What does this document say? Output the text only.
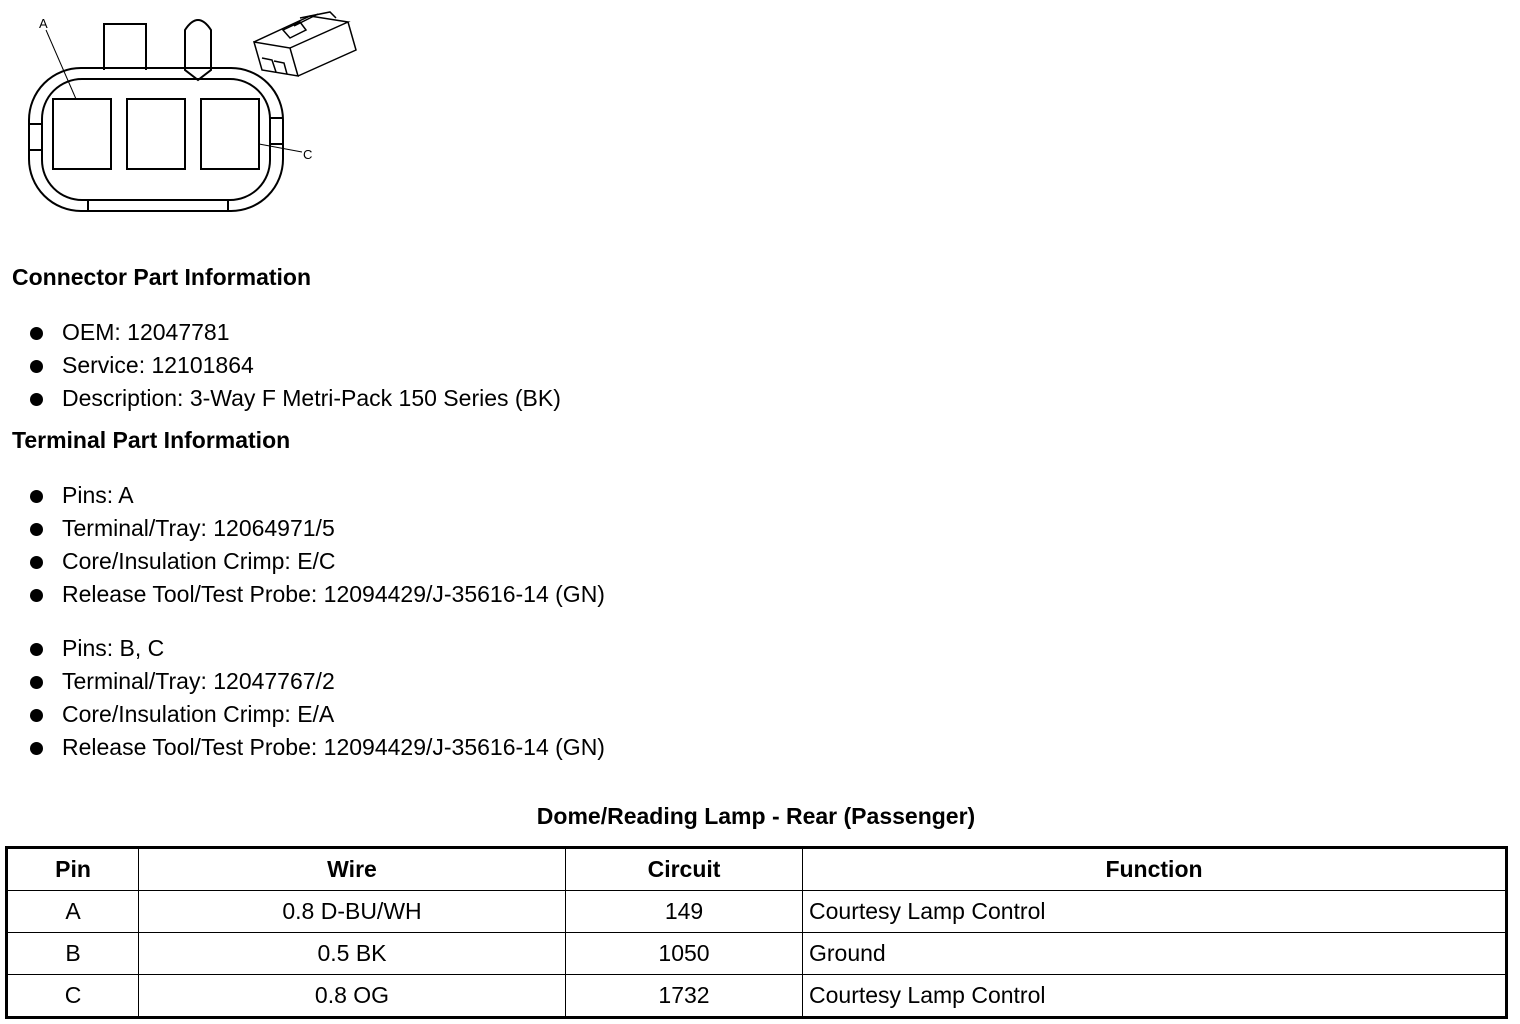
A
C
Connector Part Information
OEM: 12047781
Service: 12101864
Description: 3-Way F Metri-Pack 150 Series (BK)
Terminal Part Information
Pins: A
Terminal/Tray: 12064971/5
Core/Insulation Crimp: E/C
Release Tool/Test Probe: 12094429/J-35616-14 (GN)
Pins: B, C
Terminal/Tray: 12047767/2
Core/Insulation Crimp: E/A
Release Tool/Test Probe: 12094429/J-35616-14 (GN)
Dome/Reading Lamp - Rear (Passenger)
Pin	Wire	Circuit	Function
A	0.8 D-BU/WH	149	Courtesy Lamp Control
B	0.5 BK	1050	Ground
C	0.8 OG	1732	Courtesy Lamp Control
